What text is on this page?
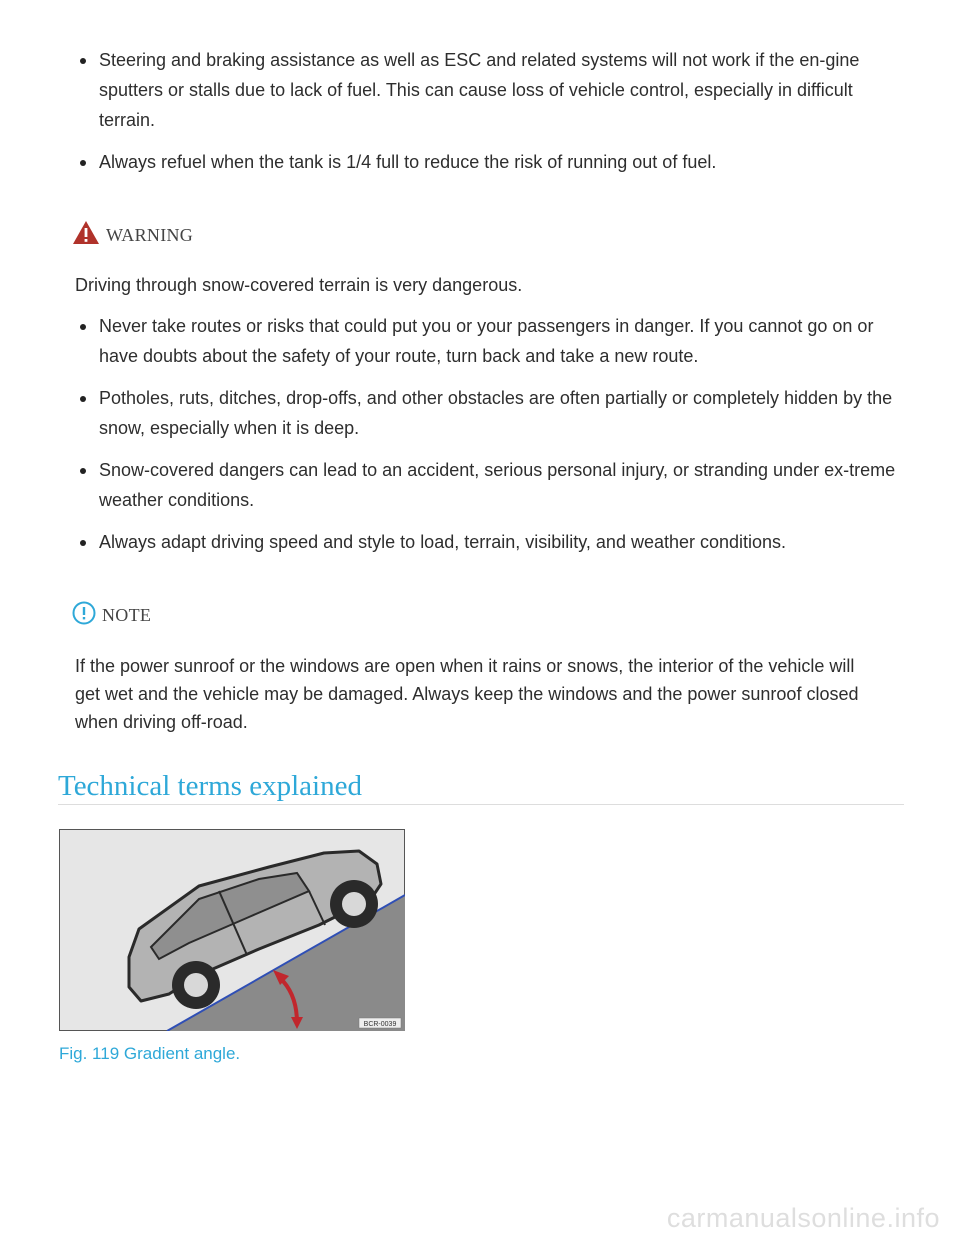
Steering and braking assistance as well as ESC and related systems will not work if the en-gine sputters or stalls due to lack of fuel. This can cause loss of vehicle control, especially in difficult terrain.
Always refuel when the tank is 1/4 full to reduce the risk of running out of fuel.
WARNING
Driving through snow-covered terrain is very dangerous.
Never take routes or risks that could put you or your passengers in danger. If you cannot go on or have doubts about the safety of your route, turn back and take a new route.
Potholes, ruts, ditches, drop-offs, and other obstacles are often partially or completely hidden by the snow, especially when it is deep.
Snow-covered dangers can lead to an accident, serious personal injury, or stranding under ex-treme weather conditions.
Always adapt driving speed and style to load, terrain, visibility, and weather conditions.
NOTE
If the power sunroof or the windows are open when it rains or snows, the interior of the vehicle will get wet and the vehicle may be damaged. Always keep the windows and the power sunroof closed when driving off-road.
Technical terms explained
BCR-0039
Fig. 119 Gradient angle.
carmanualsonline.info
